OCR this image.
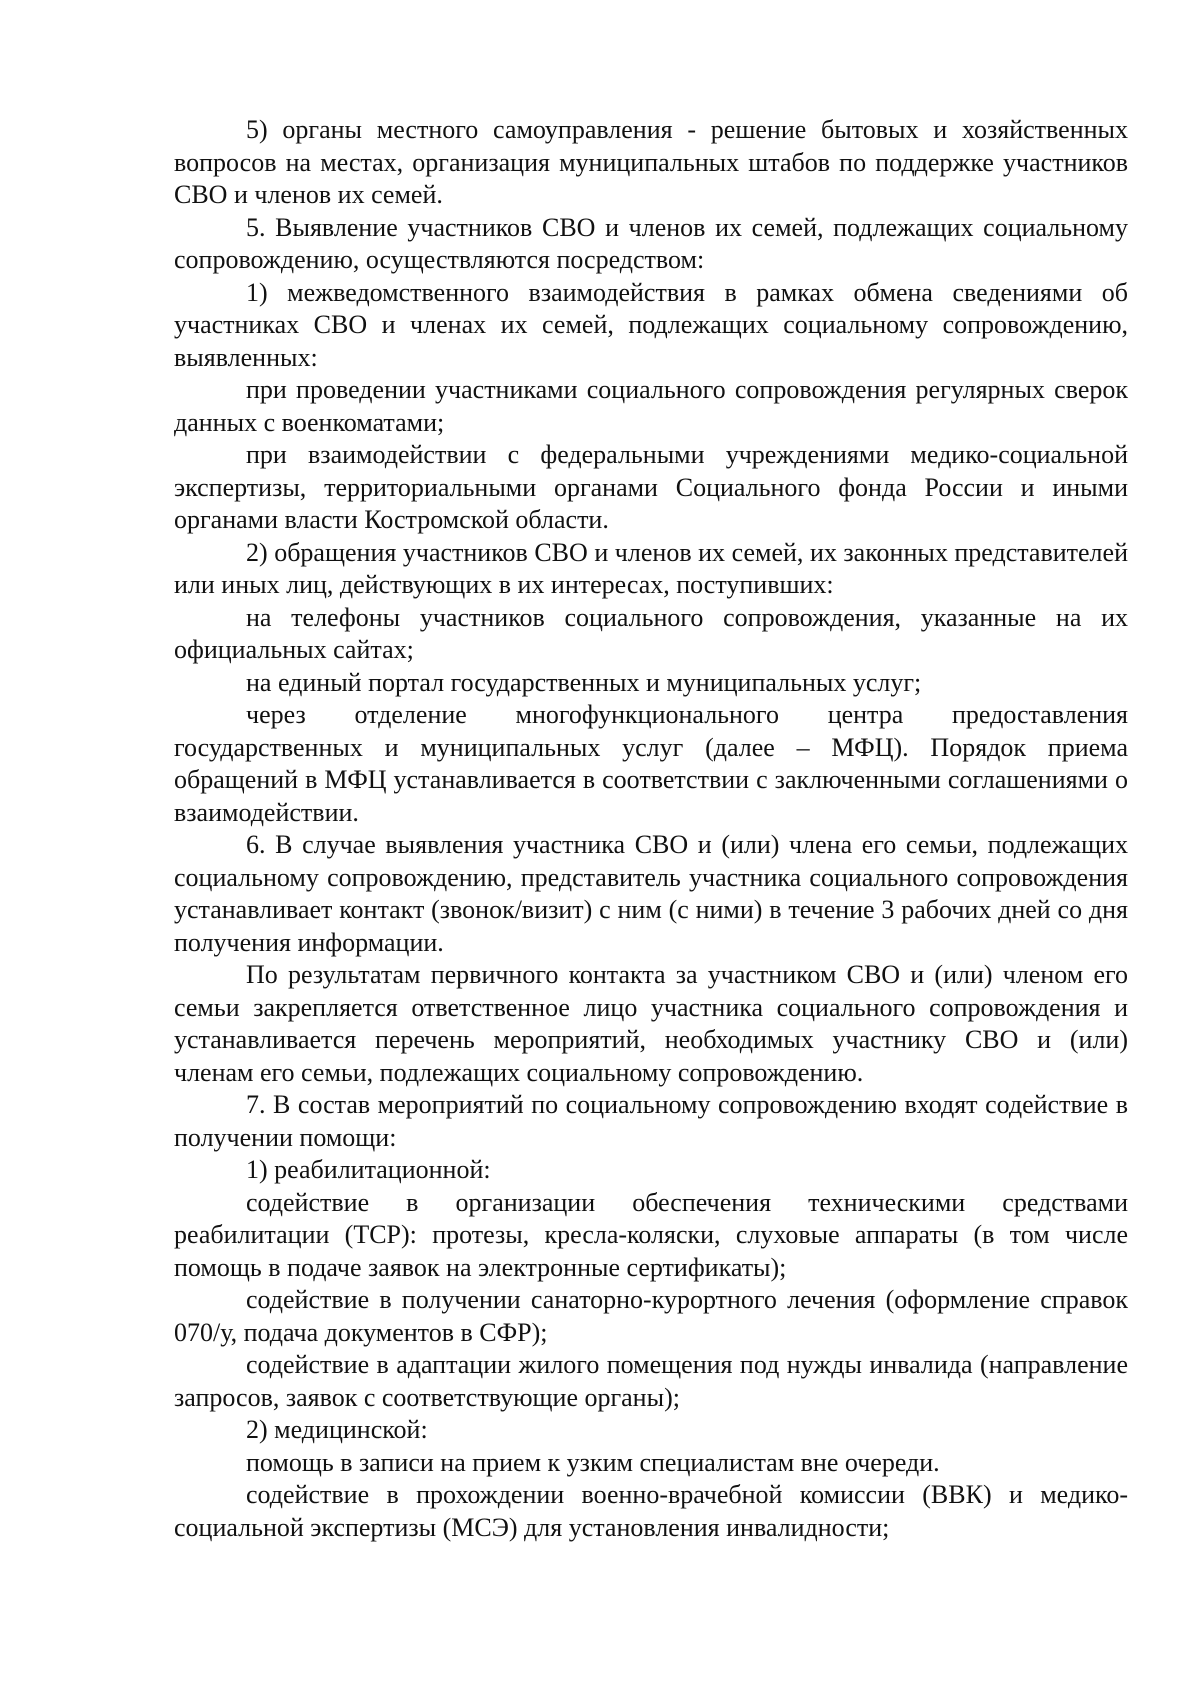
5) органы местного самоуправления - решение бытовых и хозяйственных вопросов на местах, организация муниципальных штабов по поддержке участников СВО и членов их семей.

5. Выявление участников СВО и членов их семей, подлежащих социальному сопровождению, осуществляются посредством:

1) межведомственного взаимодействия в рамках обмена сведениями об участниках СВО и членах их семей, подлежащих социальному сопровождению, выявленных:

при проведении участниками социального сопровождения регулярных сверок данных с военкоматами;

при взаимодействии с федеральными учреждениями медико-социальной экспертизы, территориальными органами Социального фонда России и иными органами власти Костромской области.

2) обращения участников СВО и членов их семей, их законных представителей или иных лиц, действующих в их интересах, поступивших:

на телефоны участников социального сопровождения, указанные на их официальных сайтах;

на единый портал государственных и муниципальных услуг;

через отделение многофункционального центра предоставления государственных и муниципальных услуг (далее – МФЦ). Порядок приема обращений в МФЦ устанавливается в соответствии с заключенными соглашениями о взаимодействии.

6. В случае выявления участника СВО и (или) члена его семьи, подлежащих социальному сопровождению, представитель участника социального сопровождения устанавливает контакт (звонок/визит) с ним (с ними) в течение 3 рабочих дней со дня получения информации.

По результатам первичного контакта за участником СВО и (или) членом его семьи закрепляется ответственное лицо участника социального сопровождения и устанавливается перечень мероприятий, необходимых участнику СВО и (или) членам его семьи, подлежащих социальному сопровождению.

7. В состав мероприятий по социальному сопровождению входят содействие в получении помощи:

1) реабилитационной:

содействие в организации обеспечения техническими средствами реабилитации (ТСР): протезы, кресла-коляски, слуховые аппараты (в том числе помощь в подаче заявок на электронные сертификаты);

содействие в получении санаторно-курортного лечения (оформление справок 070/у, подача документов в СФР);

содействие в адаптации жилого помещения под нужды инвалида (направление запросов, заявок с соответствующие органы);

2) медицинской:

помощь в записи на прием к узким специалистам вне очереди.

содействие в прохождении военно-врачебной комиссии (ВВК) и медико-социальной экспертизы (МСЭ) для установления инвалидности;
